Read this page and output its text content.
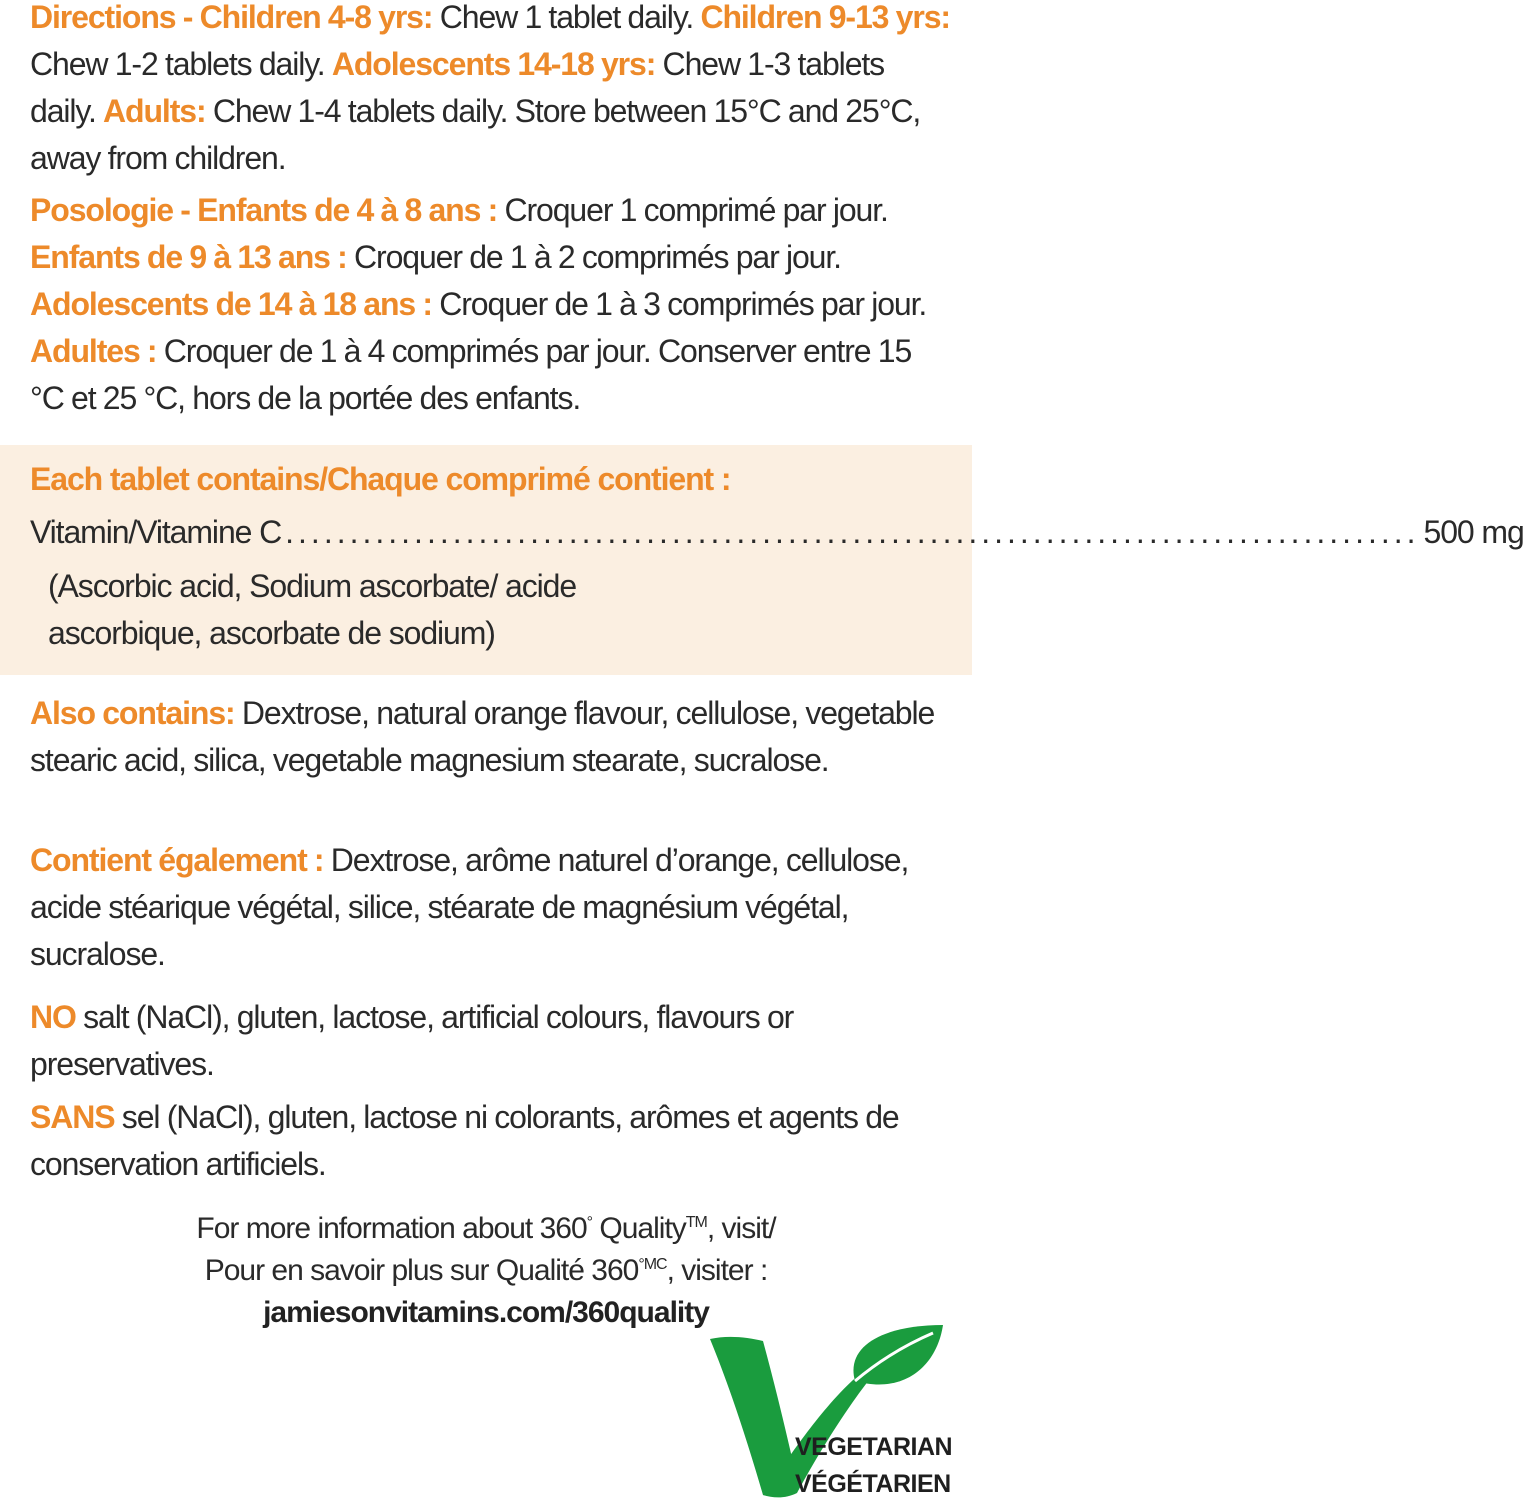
Directions - Children 4-8 yrs: Chew 1 tablet daily. Children 9-13 yrs: Chew 1-2 tablets daily. Adolescents 14-18 yrs: Chew 1-3 tablets daily. Adults: Chew 1-4 tablets daily. Store between 15°C and 25°C, away from children.

Posologie - Enfants de 4 à 8 ans : Croquer 1 comprimé par jour. Enfants de 9 à 13 ans : Croquer de 1 à 2 comprimés par jour. Adolescents de 14 à 18 ans : Croquer de 1 à 3 comprimés par jour. Adultes : Croquer de 1 à 4 comprimés par jour. Conserver entre 15 °C et 25 °C, hors de la portée des enfants.

Each tablet contains/Chaque comprimé contient :

Vitamin/Vitamine C ........................................................................................ 500 mg

(Ascorbic acid, Sodium ascorbate/ acide ascorbique, ascorbate de sodium)

Also contains: Dextrose, natural orange flavour, cellulose, vegetable stearic acid, silica, vegetable magnesium stearate, sucralose.

Contient également : Dextrose, arôme naturel d’orange, cellulose, acide stéarique végétal, silice, stéarate de magnésium végétal, sucralose.

NO salt (NaCl), gluten, lactose, artificial colours, flavours or preservatives.

SANS sel (NaCl), gluten, lactose ni colorants, arômes et agents de conservation artificiels.

For more information about 360° Quality™, visit/
Pour en savoir plus sur Qualité $360^{^\circ MC}$, visiter :
jamiesonvitamins.com/360quality
VEGETARIAN
VÉGÉTARIEN
